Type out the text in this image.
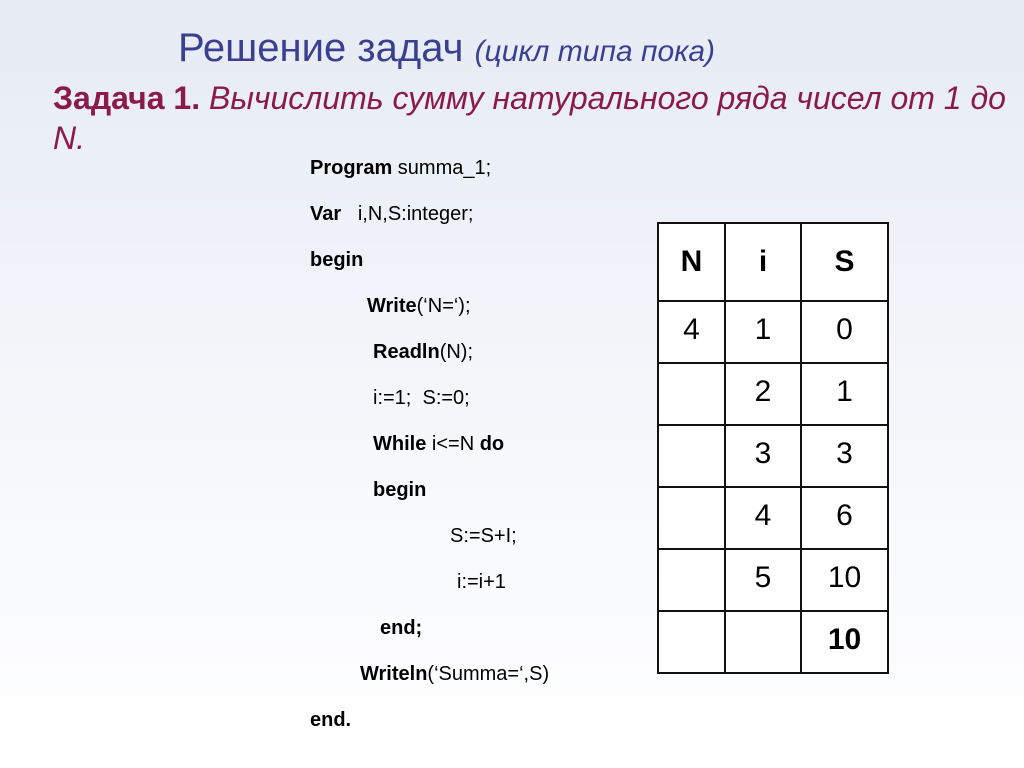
Решение задач (цикл типа пока)

Задача 1. Вычислить сумму натурального ряда чисел от 1 до N.

Program summa_1;
Var   i,N,S:integer;
begin
Write(‘N=‘);
Readln(N);
i:=1;  S:=0;
While i<=N do
begin
S:=S+I;
i:=i+1
end;
Writeln(‘Summa=‘,S)
end.
N	i	S
4	1	0
	2	1
	3	3
	4	6
	5	10
		10
